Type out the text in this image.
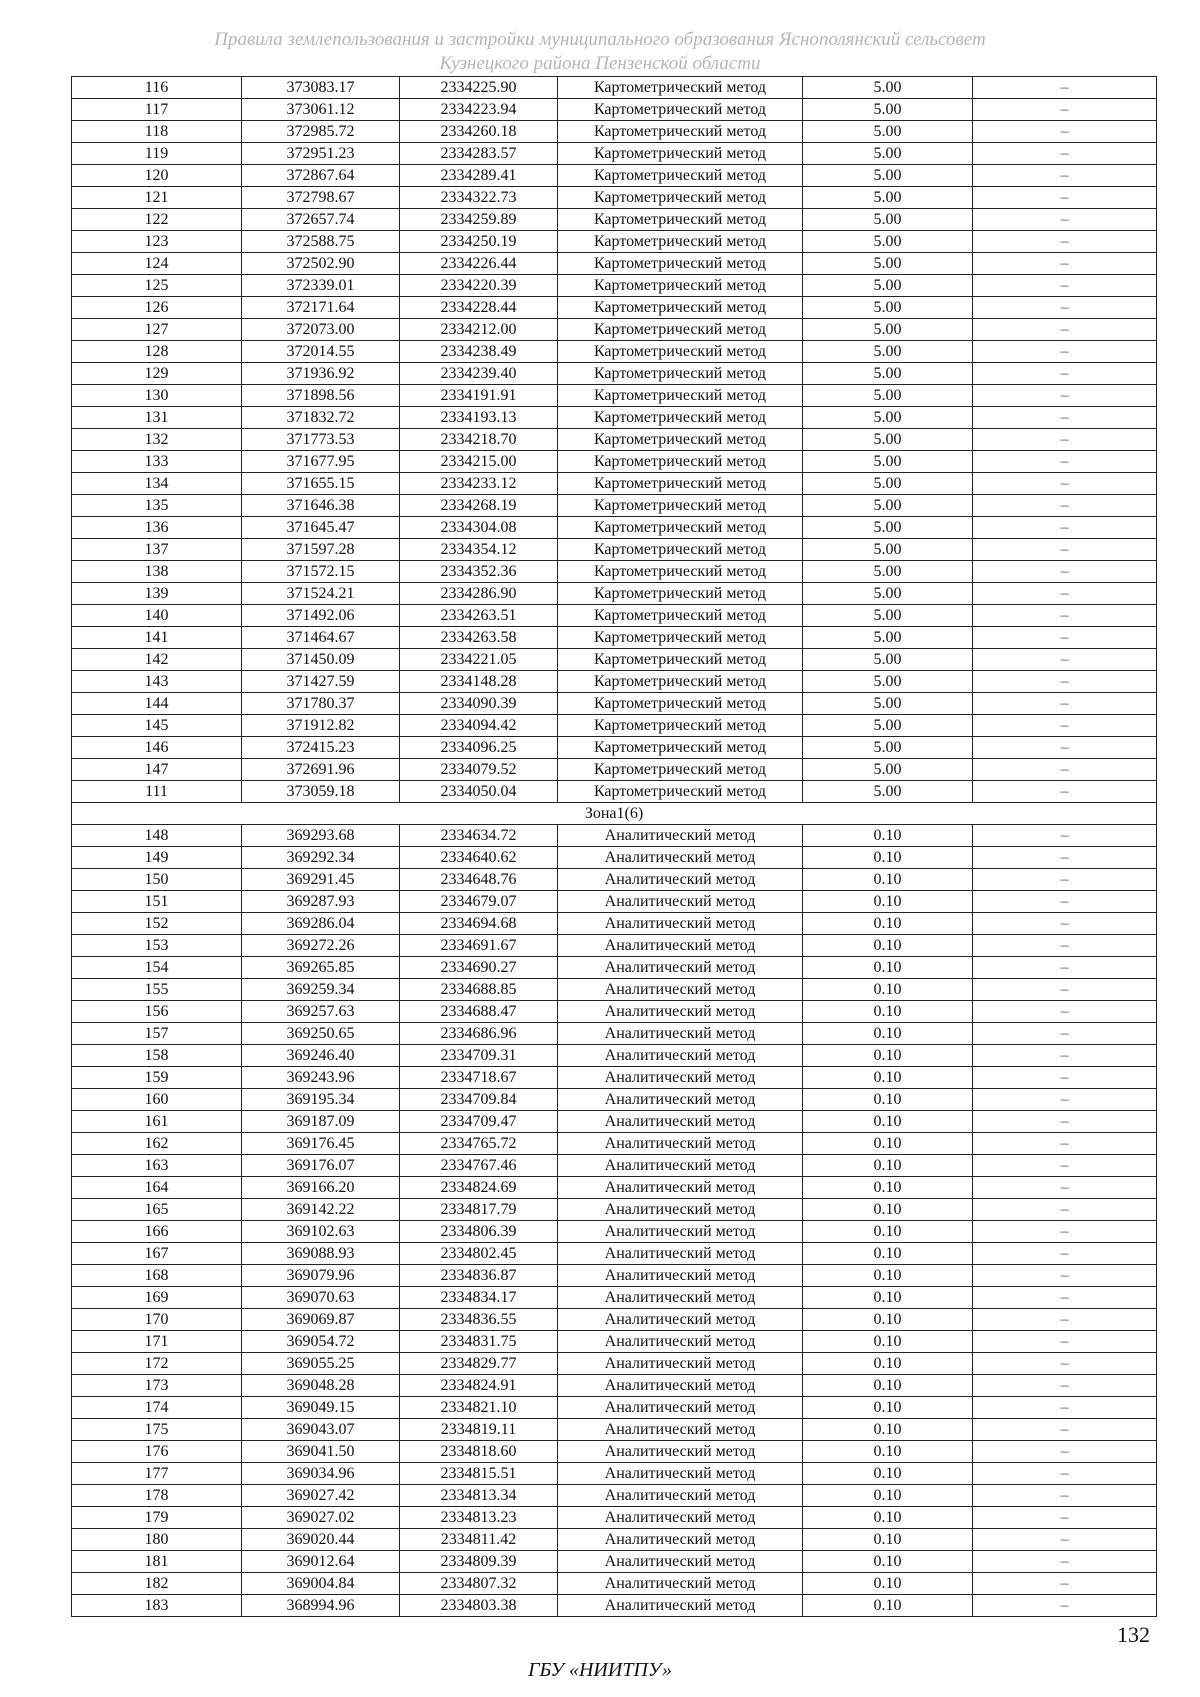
Правила землепользования и застройки муниципального образования Яснополянский сельсовет
Кузнецкого района Пензенской области
116	373083.17	2334225.90	Картометрический метод	5.00	–
117	373061.12	2334223.94	Картометрический метод	5.00	–
118	372985.72	2334260.18	Картометрический метод	5.00	–
119	372951.23	2334283.57	Картометрический метод	5.00	–
120	372867.64	2334289.41	Картометрический метод	5.00	–
121	372798.67	2334322.73	Картометрический метод	5.00	–
122	372657.74	2334259.89	Картометрический метод	5.00	–
123	372588.75	2334250.19	Картометрический метод	5.00	–
124	372502.90	2334226.44	Картометрический метод	5.00	–
125	372339.01	2334220.39	Картометрический метод	5.00	–
126	372171.64	2334228.44	Картометрический метод	5.00	–
127	372073.00	2334212.00	Картометрический метод	5.00	–
128	372014.55	2334238.49	Картометрический метод	5.00	–
129	371936.92	2334239.40	Картометрический метод	5.00	–
130	371898.56	2334191.91	Картометрический метод	5.00	–
131	371832.72	2334193.13	Картометрический метод	5.00	–
132	371773.53	2334218.70	Картометрический метод	5.00	–
133	371677.95	2334215.00	Картометрический метод	5.00	–
134	371655.15	2334233.12	Картометрический метод	5.00	–
135	371646.38	2334268.19	Картометрический метод	5.00	–
136	371645.47	2334304.08	Картометрический метод	5.00	–
137	371597.28	2334354.12	Картометрический метод	5.00	–
138	371572.15	2334352.36	Картометрический метод	5.00	–
139	371524.21	2334286.90	Картометрический метод	5.00	–
140	371492.06	2334263.51	Картометрический метод	5.00	–
141	371464.67	2334263.58	Картометрический метод	5.00	–
142	371450.09	2334221.05	Картометрический метод	5.00	–
143	371427.59	2334148.28	Картометрический метод	5.00	–
144	371780.37	2334090.39	Картометрический метод	5.00	–
145	371912.82	2334094.42	Картометрический метод	5.00	–
146	372415.23	2334096.25	Картометрический метод	5.00	–
147	372691.96	2334079.52	Картометрический метод	5.00	–
111	373059.18	2334050.04	Картометрический метод	5.00	–
Зона1(6)					
148	369293.68	2334634.72	Аналитический метод	0.10	–
149	369292.34	2334640.62	Аналитический метод	0.10	–
150	369291.45	2334648.76	Аналитический метод	0.10	–
151	369287.93	2334679.07	Аналитический метод	0.10	–
152	369286.04	2334694.68	Аналитический метод	0.10	–
153	369272.26	2334691.67	Аналитический метод	0.10	–
154	369265.85	2334690.27	Аналитический метод	0.10	–
155	369259.34	2334688.85	Аналитический метод	0.10	–
156	369257.63	2334688.47	Аналитический метод	0.10	–
157	369250.65	2334686.96	Аналитический метод	0.10	–
158	369246.40	2334709.31	Аналитический метод	0.10	–
159	369243.96	2334718.67	Аналитический метод	0.10	–
160	369195.34	2334709.84	Аналитический метод	0.10	–
161	369187.09	2334709.47	Аналитический метод	0.10	–
162	369176.45	2334765.72	Аналитический метод	0.10	–
163	369176.07	2334767.46	Аналитический метод	0.10	–
164	369166.20	2334824.69	Аналитический метод	0.10	–
165	369142.22	2334817.79	Аналитический метод	0.10	–
166	369102.63	2334806.39	Аналитический метод	0.10	–
167	369088.93	2334802.45	Аналитический метод	0.10	–
168	369079.96	2334836.87	Аналитический метод	0.10	–
169	369070.63	2334834.17	Аналитический метод	0.10	–
170	369069.87	2334836.55	Аналитический метод	0.10	–
171	369054.72	2334831.75	Аналитический метод	0.10	–
172	369055.25	2334829.77	Аналитический метод	0.10	–
173	369048.28	2334824.91	Аналитический метод	0.10	–
174	369049.15	2334821.10	Аналитический метод	0.10	–
175	369043.07	2334819.11	Аналитический метод	0.10	–
176	369041.50	2334818.60	Аналитический метод	0.10	–
177	369034.96	2334815.51	Аналитический метод	0.10	–
178	369027.42	2334813.34	Аналитический метод	0.10	–
179	369027.02	2334813.23	Аналитический метод	0.10	–
180	369020.44	2334811.42	Аналитический метод	0.10	–
181	369012.64	2334809.39	Аналитический метод	0.10	–
182	369004.84	2334807.32	Аналитический метод	0.10	–
183	368994.96	2334803.38	Аналитический метод	0.10	–
132
ГБУ «НИИТПУ»
